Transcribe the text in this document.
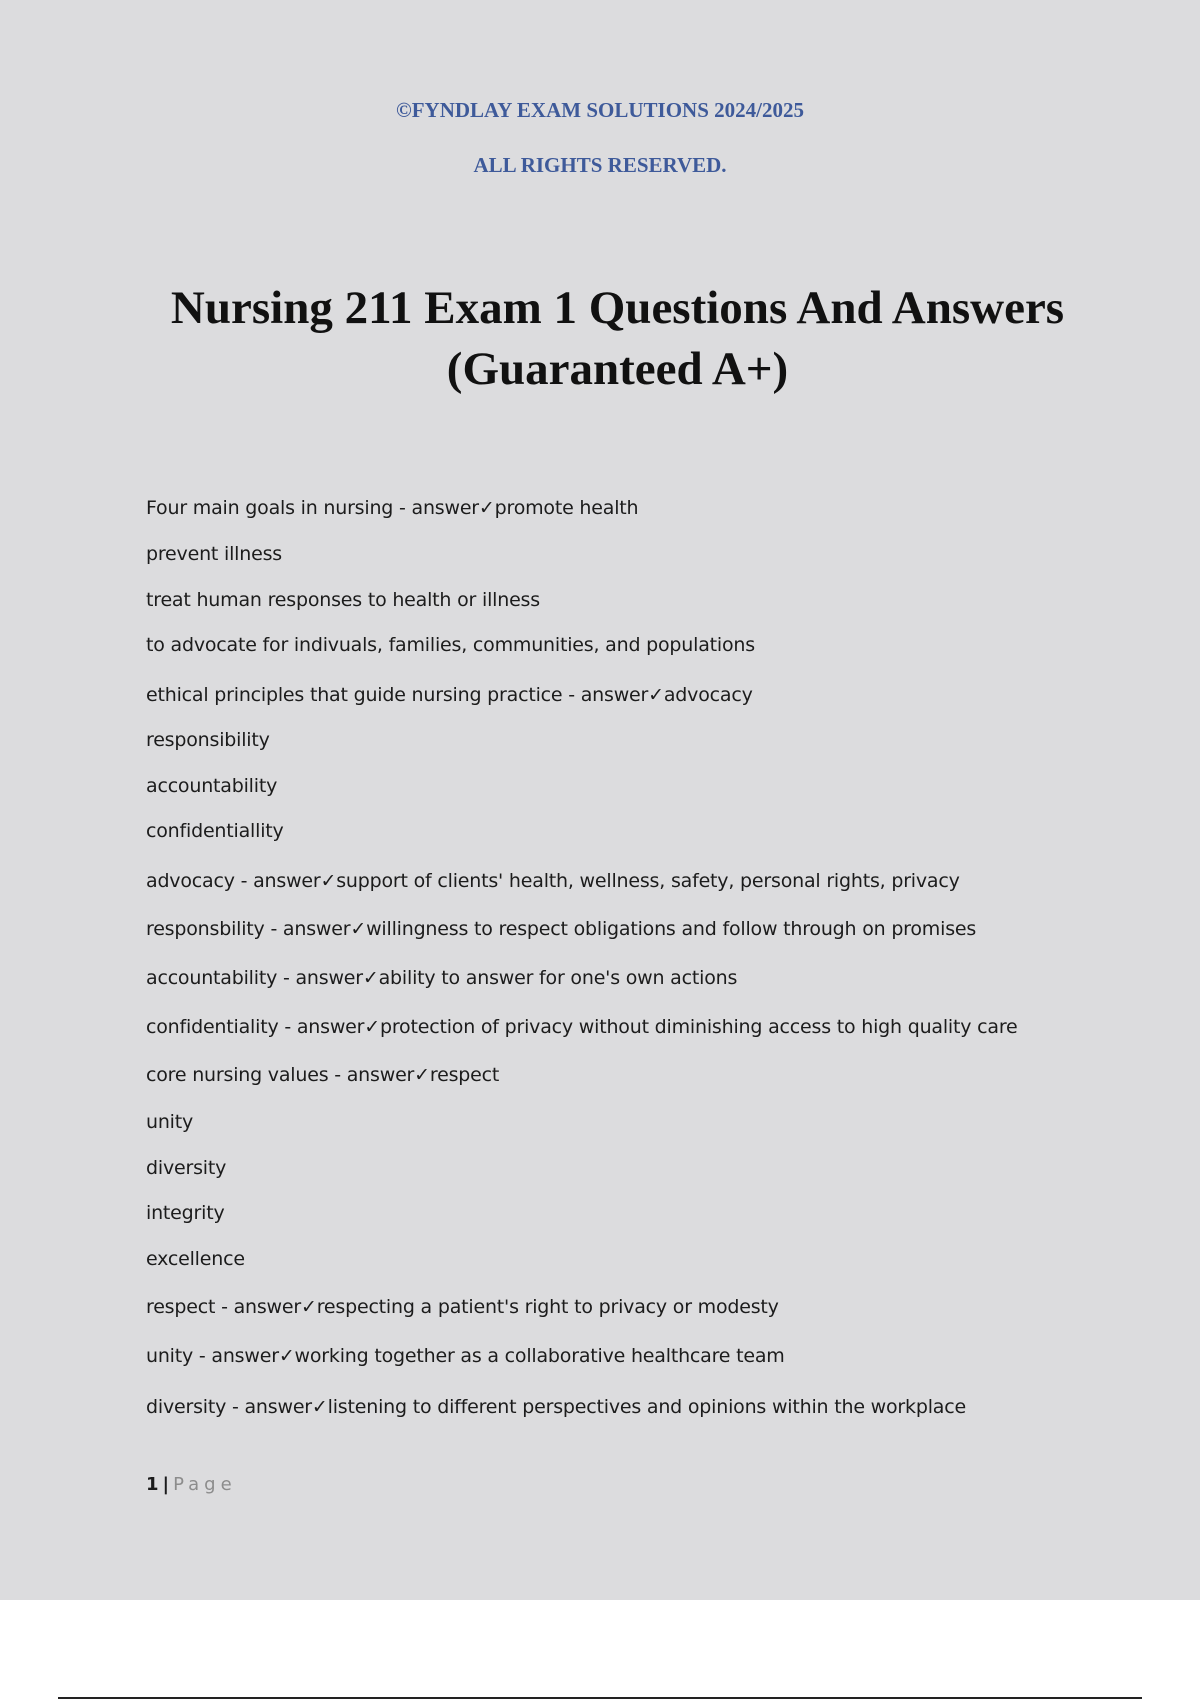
©FYNDLAY EXAM SOLUTIONS 2024/2025

ALL RIGHTS RESERVED.

Nursing 211 Exam 1 Questions And Answers
(Guaranteed A+)
Four main goals in nursing - answer✓promote health
prevent illness
treat human responses to health or illness
to advocate for indivuals, families, communities, and populations
ethical principles that guide nursing practice - answer✓advocacy
responsibility
accountability
confidentiallity
advocacy - answer✓support of clients' health, wellness, safety, personal rights, privacy
responsbility - answer✓willingness to respect obligations and follow through on promises
accountability - answer✓ability to answer for one's own actions
confidentiality - answer✓protection of privacy without diminishing access to high quality care
core nursing values - answer✓respect
unity
diversity
integrity
excellence
respect - answer✓respecting a patient's right to privacy or modesty
unity - answer✓working together as a collaborative healthcare team
diversity - answer✓listening to different perspectives and opinions within the workplace
1 | Page
